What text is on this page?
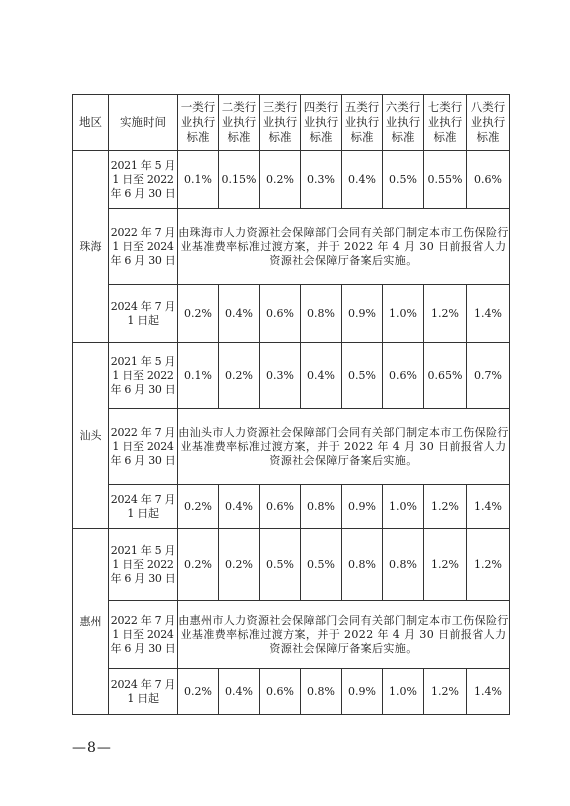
地区	实施时间	一类行业执行标准	二类行业执行标准	三类行业执行标准	四类行业执行标准	五类行业执行标准	六类行业执行标准	七类行业执行标准	八类行业执行标准
珠海	2021 年 5 月 1 日至 2022 年 6 月 30 日	0.1%	0.15%	0.2%	0.3%	0.4%	0.5%	0.55%	0.6%
	2022 年 7 月 1 日至 2024 年 6 月 30 日	由珠海市人力资源社会保障部门会同有关部门制定本市工伤保险行业基准费率标准过渡方案，并于 2022 年 4 月 30 日前报省人力资源社会保障厅备案后实施。							
	2024 年 7 月 1 日起	0.2%	0.4%	0.6%	0.8%	0.9%	1.0%	1.2%	1.4%
汕头	2021 年 5 月 1 日至 2022 年 6 月 30 日	0.1%	0.2%	0.3%	0.4%	0.5%	0.6%	0.65%	0.7%
	2022 年 7 月 1 日至 2024 年 6 月 30 日	由汕头市人力资源社会保障部门会同有关部门制定本市工伤保险行业基准费率标准过渡方案，并于 2022 年 4 月 30 日前报省人力资源社会保障厅备案后实施。							
	2024 年 7 月 1 日起	0.2%	0.4%	0.6%	0.8%	0.9%	1.0%	1.2%	1.4%
惠州	2021 年 5 月 1 日至 2022 年 6 月 30 日	0.2%	0.2%	0.5%	0.5%	0.8%	0.8%	1.2%	1.2%
	2022 年 7 月 1 日至 2024 年 6 月 30 日	由惠州市人力资源社会保障部门会同有关部门制定本市工伤保险行业基准费率标准过渡方案，并于 2022 年 4 月 30 日前报省人力资源社会保障厅备案后实施。							
	2024 年 7 月 1 日起	0.2%	0.4%	0.6%	0.8%	0.9%	1.0%	1.2%	1.4%
—8—
